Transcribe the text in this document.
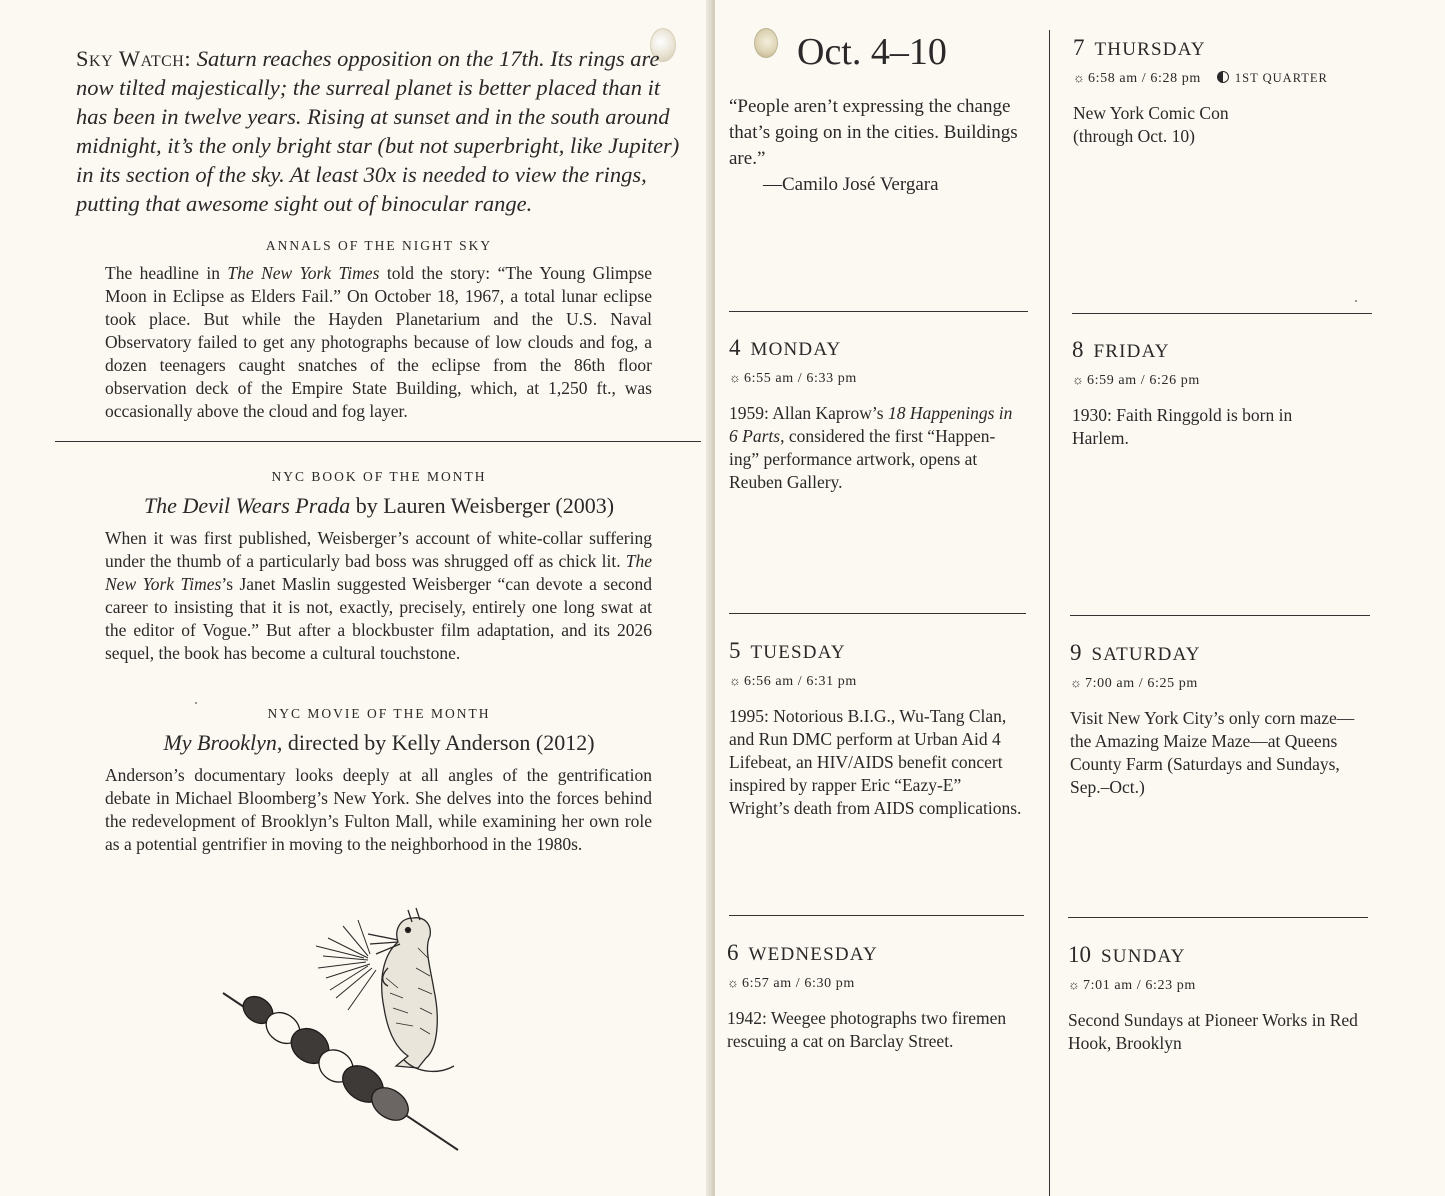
Sky Watch: Saturn reaches opposition on the 17th. Its rings are now tilted majestically; the surreal planet is better placed than it has been in twelve years. Rising at sunset and in the south around midnight, it’s the only bright star (but not superbright, like Jupiter) in its section of the sky. At least 30x is needed to view the rings, putting that awesome sight out of binocular range.
ANNALS OF THE NIGHT SKY
The headline in The New York Times told the story: “The Young Glimpse Moon in Eclipse as Elders Fail.” On October 18, 1967, a total lunar eclipse took place. But while the Hayden Planetarium and the U.S. Naval Observatory failed to get any photographs because of low clouds and fog, a dozen teenagers caught snatches of the eclipse from the 86th floor observation deck of the Empire State Building, which, at 1,250 ft., was occasionally above the cloud and fog layer.
NYC BOOK OF THE MONTH
The Devil Wears Prada by Lauren Weisberger (2003)
When it was first published, Weisberger’s account of white-collar suffering under the thumb of a particularly bad boss was shrugged off as chick lit. The New York Times’s Janet Maslin suggested Weisberger “can devote a second career to insisting that it is not, exactly, precisely, entirely one long swat at the editor of Vogue.” But after a blockbuster film adaptation, and its 2026 sequel, the book has become a cultural touchstone.
NYC MOVIE OF THE MONTH
My Brooklyn, directed by Kelly Anderson (2012)
Anderson’s documentary looks deeply at all angles of the gentrification debate in Michael Bloomberg’s New York. She delves into the forces behind the redevelopment of Brooklyn’s Fulton Mall, while examining her own role as a potential gentrifier in moving to the neighborhood in the 1980s.
Oct. 4–10
“People aren’t expressing the change that’s going on in the cities. Buildings are.”
—Camilo José Vergara
4 MONDAY
☼ 6:55 am / 6:33 pm
1959: Allan Kaprow’s 18 Happenings in 6 Parts, considered the first “Happen-ing” performance artwork, opens at Reuben Gallery.
5 TUESDAY
☼ 6:56 am / 6:31 pm
1995: Notorious B.I.G., Wu-Tang Clan, and Run DMC perform at Urban Aid 4 Lifebeat, an HIV/AIDS benefit concert inspired by rapper Eric “Eazy-E” Wright’s death from AIDS complications.
6 WEDNESDAY
☼ 6:57 am / 6:30 pm
1942: Weegee photographs two firemen rescuing a cat on Barclay Street.
7 THURSDAY
☼ 6:58 am / 6:28 pm	1ST QUARTER
New York Comic Con (through Oct. 10)
8 FRIDAY
☼ 6:59 am / 6:26 pm
1930: Faith Ringgold is born in Harlem.
9 SATURDAY
☼ 7:00 am / 6:25 pm
Visit New York City’s only corn maze—the Amazing Maize Maze—at Queens County Farm (Saturdays and Sundays, Sep.–Oct.)
10 SUNDAY
☼ 7:01 am / 6:23 pm
Second Sundays at Pioneer Works in Red Hook, Brooklyn
